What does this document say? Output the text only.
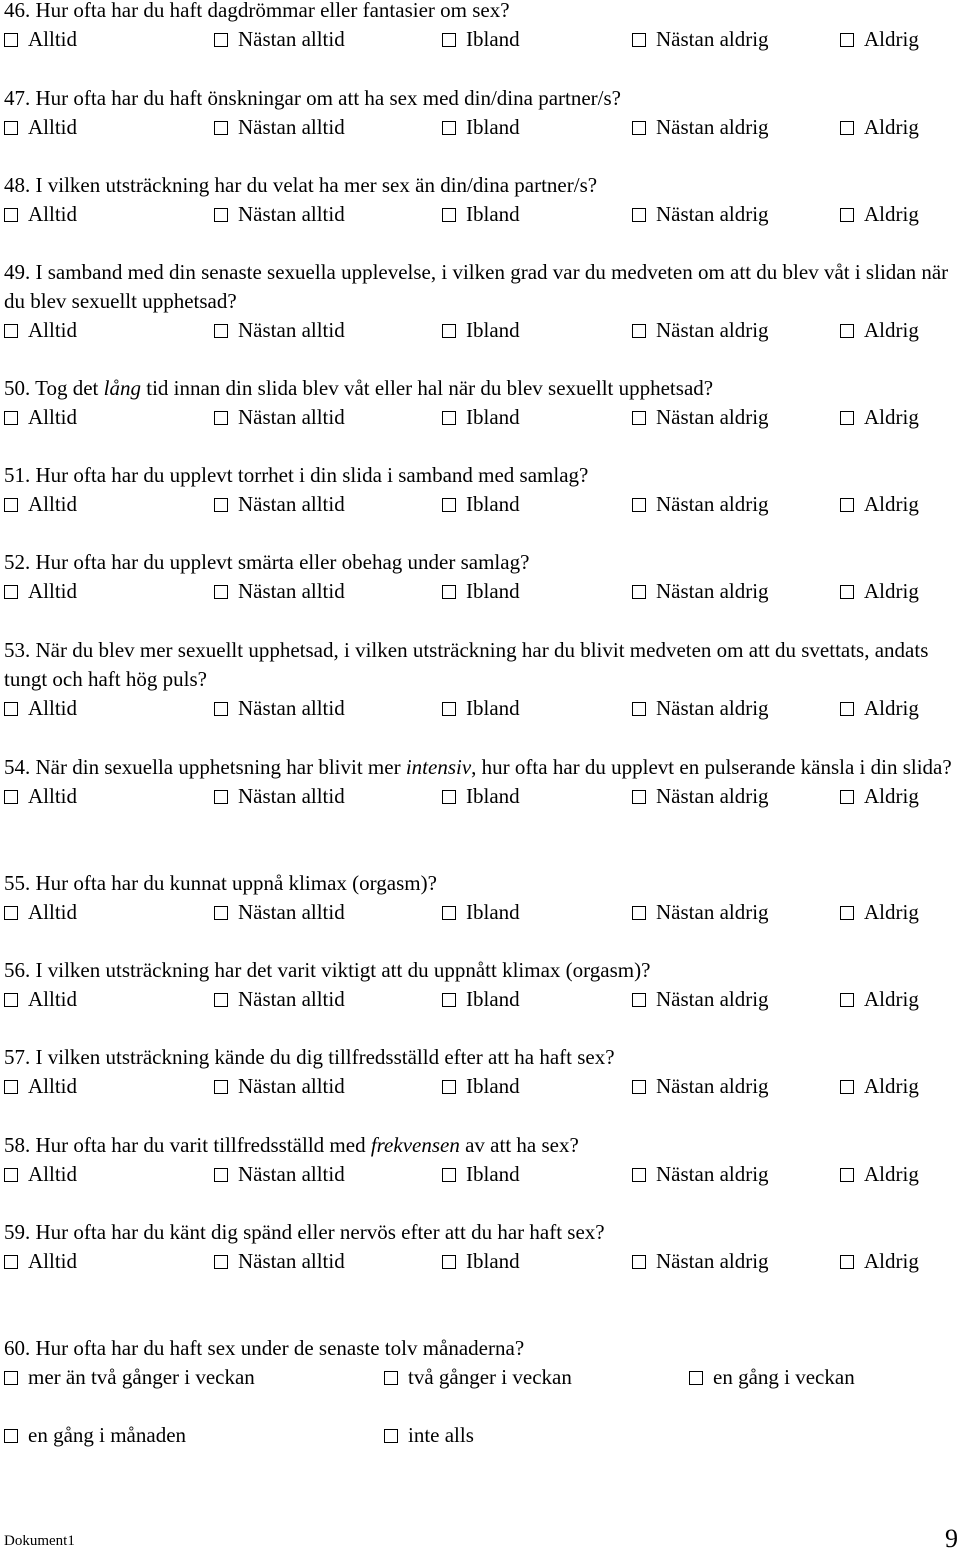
46. Hur ofta har du haft dagdrömmar eller fantasier om sex?
Alltid	Nästan alltid	Ibland	Nästan aldrig	Aldrig
47. Hur ofta har du haft önskningar om att ha sex med din/dina partner/s?
Alltid	Nästan alltid	Ibland	Nästan aldrig	Aldrig
48. I vilken utsträckning har du velat ha mer sex än din/dina partner/s?
Alltid	Nästan alltid	Ibland	Nästan aldrig	Aldrig
49. I samband med din senaste sexuella upplevelse, i vilken grad var du medveten om att du blev våt i slidan när du blev sexuellt upphetsad?
Alltid	Nästan alltid	Ibland	Nästan aldrig	Aldrig
50. Tog det lång tid innan din slida blev våt eller hal när du blev sexuellt upphetsad?
Alltid	Nästan alltid	Ibland	Nästan aldrig	Aldrig
51. Hur ofta har du upplevt torrhet i din slida i samband med samlag?
Alltid	Nästan alltid	Ibland	Nästan aldrig	Aldrig
52. Hur ofta har du upplevt smärta eller obehag under samlag?
Alltid	Nästan alltid	Ibland	Nästan aldrig	Aldrig
53. När du blev mer sexuellt upphetsad, i vilken utsträckning har du blivit medveten om att du svettats, andats tungt och haft hög puls?
Alltid	Nästan alltid	Ibland	Nästan aldrig	Aldrig
54. När din sexuella upphetsning har blivit mer intensiv, hur ofta har du upplevt en pulserande känsla i din slida?
Alltid	Nästan alltid	Ibland	Nästan aldrig	Aldrig
55. Hur ofta har du kunnat uppnå klimax (orgasm)?
Alltid	Nästan alltid	Ibland	Nästan aldrig	Aldrig
56. I vilken utsträckning har det varit viktigt att du uppnått klimax (orgasm)?
Alltid	Nästan alltid	Ibland	Nästan aldrig	Aldrig
57. I vilken utsträckning kände du dig tillfredsställd efter att ha haft sex?
Alltid	Nästan alltid	Ibland	Nästan aldrig	Aldrig
58. Hur ofta har du varit tillfredsställd med frekvensen av att ha sex?
Alltid	Nästan alltid	Ibland	Nästan aldrig	Aldrig
59. Hur ofta har du känt dig spänd eller nervös efter att du har haft sex?
Alltid	Nästan alltid	Ibland	Nästan aldrig	Aldrig
60. Hur ofta har du haft sex under de senaste tolv månaderna?
mer än två gånger i veckan	två gånger i veckan	en gång i veckan
en gång i månaden	inte alls
Dokument1	9
